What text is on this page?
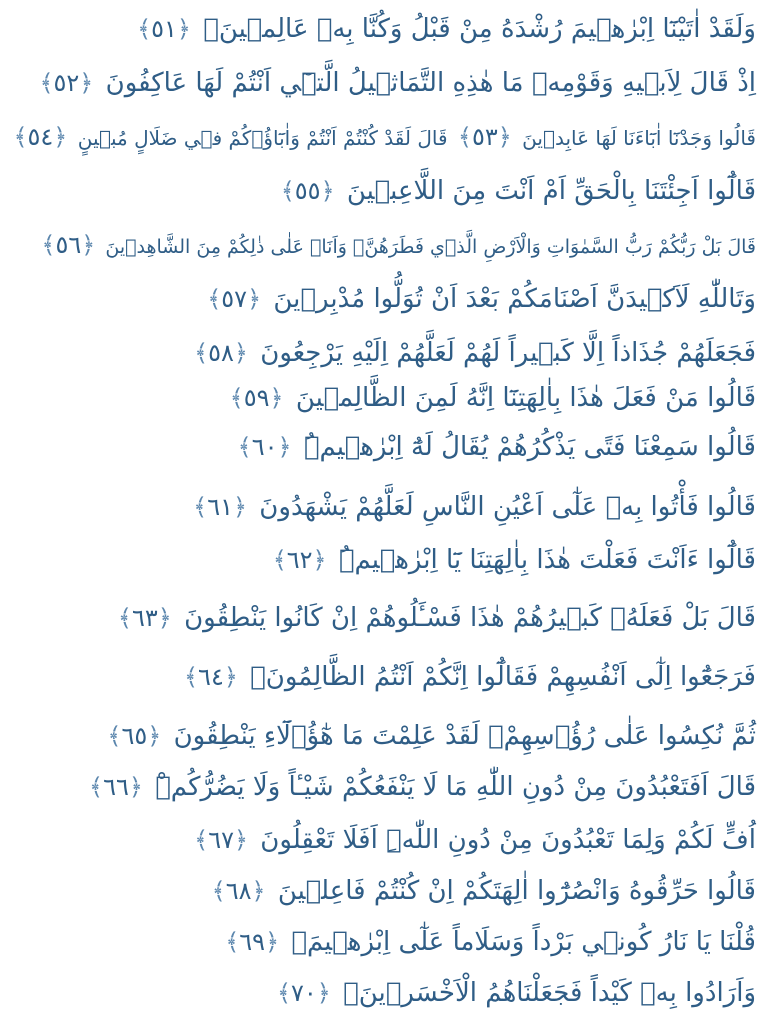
وَلَقَدْ اٰتَيْنَٓا اِبْرٰه۪يمَ رُشْدَهُ مِنْ قَبْلُ وَكُنَّا بِه۪ عَالِم۪ينَۚ ﴿٥١﴾
اِذْ قَالَ لِاَب۪يهِ وَقَوْمِه۪ مَا هٰذِهِ التَّمَاث۪يلُ الَّت۪ٓي اَنْتُمْ لَهَا عَاكِفُونَ ﴿٥٢﴾
قَالُوا وَجَدْنَٓا اٰبَٓاءَنَا لَهَا عَابِد۪ينَ ﴿٥٣﴾ قَالَ لَقَدْ كُنْتُمْ اَنْتُمْ وَاٰبَٓاؤُ۬كُمْ ف۪ي ضَلَالٍ مُب۪ينٍ ﴿٥٤﴾
قَالُٓوا اَجِئْتَنَا بِالْحَقِّ اَمْ اَنْتَ مِنَ اللَّاعِب۪ينَ ﴿٥٥﴾
قَالَ بَلْ رَبُّكُمْ رَبُّ السَّمٰوَاتِ وَالْاَرْضِ الَّذ۪ي فَطَرَهُنَّۘ وَاَنَا۬ عَلٰى ذٰلِكُمْ مِنَ الشَّاهِد۪ينَ ﴿٥٦﴾
وَتَاللّٰهِ لَاَك۪يدَنَّ اَصْنَامَكُمْ بَعْدَ اَنْ تُوَلُّوا مُدْبِر۪ينَ ﴿٥٧﴾
فَجَعَلَهُمْ جُذَاذاً اِلَّا كَب۪يراً لَهُمْ لَعَلَّهُمْ اِلَيْهِ يَرْجِعُونَ ﴿٥٨﴾
قَالُوا مَنْ فَعَلَ هٰذَا بِاٰلِهَتِنَٓا اِنَّهُ لَمِنَ الظَّالِم۪ينَ ﴿٥٩﴾
قَالُوا سَمِعْنَا فَتًى يَذْكُرُهُمْ يُقَالُ لَهُٓ اِبْرٰه۪يمُۜ ﴿٦٠﴾
قَالُوا فَأْتُوا بِه۪ عَلٰٓى اَعْيُنِ النَّاسِ لَعَلَّهُمْ يَشْهَدُونَ ﴿٦١﴾
قَالُٓوا ءَاَنْتَ فَعَلْتَ هٰذَا بِاٰلِهَتِنَا يَٓا اِبْرٰه۪يمُۜ ﴿٦٢﴾
قَالَ بَلْ فَعَلَهُۗ كَب۪يرُهُمْ هٰذَا فَسْـَٔلُوهُمْ اِنْ كَانُوا يَنْطِقُونَ ﴿٦٣﴾
فَرَجَعُٓوا اِلٰٓى اَنْفُسِهِمْ فَقَالُٓوا اِنَّكُمْ اَنْتُمُ الظَّالِمُونَۙ ﴿٦٤﴾
ثُمَّ نُكِسُوا عَلٰى رُؤُ۫سِهِمْۚ لَقَدْ عَلِمْتَ مَا هٰٓؤُ۬لَٓاءِ يَنْطِقُونَ ﴿٦٥﴾
قَالَ اَفَتَعْبُدُونَ مِنْ دُونِ اللّٰهِ مَا لَا يَنْفَعُكُمْ شَيْـٔاً وَلَا يَضُرُّكُمْۜ ﴿٦٦﴾
اُفٍّ لَكُمْ وَلِمَا تَعْبُدُونَ مِنْ دُونِ اللّٰهِۜ اَفَلَا تَعْقِلُونَ ﴿٦٧﴾
قَالُوا حَرِّقُوهُ وَانْصُرُٓوا اٰلِهَتَكُمْ اِنْ كُنْتُمْ فَاعِل۪ينَ ﴿٦٨﴾
قُلْنَا يَا نَارُ كُون۪ي بَرْداً وَسَلَاماً عَلٰٓى اِبْرٰه۪يمَۙ ﴿٦٩﴾
وَاَرَادُوا بِه۪ كَيْداً فَجَعَلْنَاهُمُ الْاَخْسَر۪ينَۚ ﴿٧٠﴾
